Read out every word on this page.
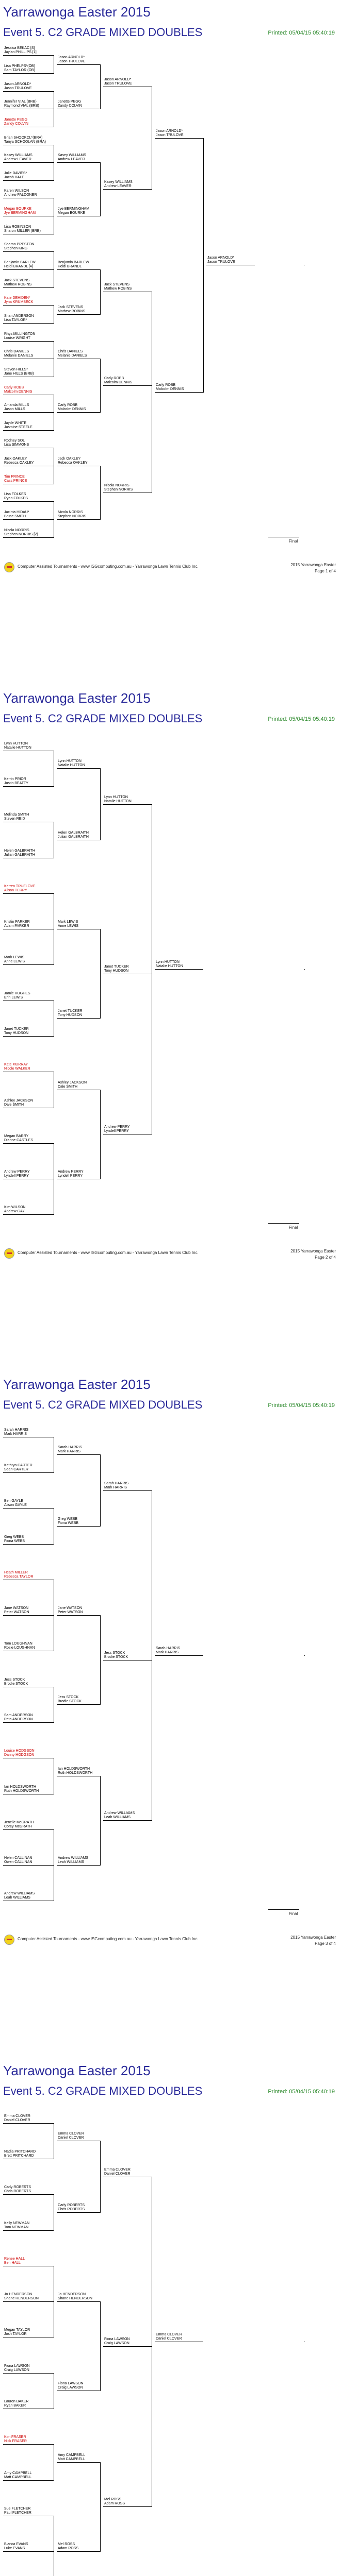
Yarrawonga Easter 2015
Event 5. C2 GRADE MIXED DOUBLES	Printed: 05/04/15 05:40:19
Jessica BEKAC [S]
Jaylan PHILLIPS [1]
Lisa PHELPS*(OB)
Sam TAYLOR (OB)
Jason ARNOLD*
Jason TRULOVE
Jennifer VIAL (BRB)
Raymond VIAL (BRB)
Janette PEGG
Zandy COLVIN
Brian SHOOKCL*(BRA)
Tanya SCHOOLAN (BRA)
Kasey WILLIAMS
Andrew LEAVER
Julie DAVIES*
Jacob HALE
Karen WILSON
Andrew FALCONER
Megan BOURKE
Jye BERMINGHAM
Lisa ROBINSON
Sharon MILLER (BRB)
Sharon PRESTON
Stephen KING
Benjamin BARLEW
Heidi BRANDL [4]
Jack STEVENS
Mathew ROBINS
Kate DEHIDEN*
Jyna KRUMBECK
Shari ANDERSON
Lisa TAYLOR*
Rhys MILLINGTON
Louise WRIGHT
Chris DANIELS
Melanie DANIELS
Steven HILLS*
Jane HILLS (BRB)
Carly ROBB
Malcolm DENNIS
Amanda MILLS
Jason MILLS
Jayde WHITE
Jasmine STEELE
Rodney SOL
Lisa SIMMONS
Jack OAKLEY
Rebecca OAKLEY
Tim PRINCE
Cass PRINCE
Lisa FOLKES
Ryan FOLKES
Jacinta HIDAU*
Bruce SMITH
Nicola NORRIS
Stephen NORRIS [2]
Jason ARNOLD*
Jason TRULOVE
Janette PEGG
Zandy COLVIN
Kasey WILLIAMS
Andrew LEAVER
Jye BERMINGHAM
Megan BOURKE
Benjamin BARLEW
Heidi BRANDL
Jack STEVENS
Mathew ROBINS
Chris DANIELS
Melanie DANIELS
Carly ROBB
Malcolm DENNIS
Jack OAKLEY
Rebecca OAKLEY
Nicola NORRIS
Stephen NORRIS
Jason ARNOLD*
Jason TRULOVE
Kasey WILLIAMS
Andrew LEAVER
Jack STEVENS
Mathew ROBINS
Carly ROBB
Malcolm DENNIS
Nicola NORRIS
Stephen NORRIS
Jason ARNOLD*
Jason TRULOVE
Carly ROBB
Malcolm DENNIS
Jason ARNOLD*
Jason TRULOVE
Final
Computer Assisted Tournaments - www.ISGcomputing.com.au - Yarrawonga Lawn Tennis Club Inc.	2015 Yarrawonga Easter
Page 1 of 4
Yarrawonga Easter 2015
Event 5. C2 GRADE MIXED DOUBLES	Printed: 05/04/15 05:40:19
Lynn HUTTON
Natalie HUTTON
Kerrin PRIOR
Justin BEATTY
Melinda SMITH
Steven REID
Helen GALBRAITH
Julian GALBRAITH
Kerren TRUELOVE
Alison TERRY
Kristin PARKER
Adam PARKER
Mark LEWIS
Anne LEWIS
Jamie HUGHES
Erin LEWIS
Janet TUCKER
Tony HUDSON
Kate MURRAY
Nicole WALKER
Ashley JACKSON
Dale SMITH
Megan BARRY
Dianne CASTLES
Andrew PERRY
Lyndell PERRY
Kim WILSON
Andrew GAY
Lynn HUTTON
Natalie HUTTON
Helen GALBRAITH
Julian GALBRAITH
Mark LEWIS
Anne LEWIS
Janet TUCKER
Tony HUDSON
Ashley JACKSON
Dale SMITH
Andrew PERRY
Lyndell PERRY
Lynn HUTTON
Natalie HUTTON
Janet TUCKER
Tony HUDSON
Andrew PERRY
Lyndell PERRY
Lynn HUTTON
Natalie HUTTON
Final
Computer Assisted Tournaments - www.ISGcomputing.com.au - Yarrawonga Lawn Tennis Club Inc.	2015 Yarrawonga Easter
Page 2 of 4
Yarrawonga Easter 2015
Event 5. C2 GRADE MIXED DOUBLES	Printed: 05/04/15 05:40:19
Sarah HARRIS
Mark HARRIS
Kathryn CARTER
Sean CARTER
Ben GAYLE
Alison GAYLE
Greg WEBB
Fiona WEBB
Heath MILLER
Rebecca TAYLOR
Jane WATSON
Peter WATSON
Tom LOUGHNAN
Rosie LOUGHNAN
Jess STOCK
Brodie STOCK
Sam ANDERSON
Peta ANDERSON
Louise HODGSON
Danny HODGSON
Ian HOLDSWORTH
Ruth HOLDSWORTH
Jenelle McGRATH
Corey McGRATH
Helen CALLINAN
Owen CALLINAN
Andrew WILLIAMS
Leah WILLIAMS
Sarah HARRIS
Mark HARRIS
Greg WEBB
Fiona WEBB
Jane WATSON
Peter WATSON
Jess STOCK
Brodie STOCK
Ian HOLDSWORTH
Ruth HOLDSWORTH
Andrew WILLIAMS
Leah WILLIAMS
Sarah HARRIS
Mark HARRIS
Jess STOCK
Brodie STOCK
Andrew WILLIAMS
Leah WILLIAMS
Sarah HARRIS
Mark HARRIS
Final
Computer Assisted Tournaments - www.ISGcomputing.com.au - Yarrawonga Lawn Tennis Club Inc.	2015 Yarrawonga Easter
Page 3 of 4
Yarrawonga Easter 2015
Event 5. C2 GRADE MIXED DOUBLES	Printed: 05/04/15 05:40:19
Emma CLOVER
Daniel CLOVER
Nadia PRITCHARD
Brett PRITCHARD
Carly ROBERTS
Chris ROBERTS
Kelly NEWMAN
Tom NEWMAN
Renee HALL
Ben HALL
Jo HENDERSON
Shane HENDERSON
Megan TAYLOR
Josh TAYLOR
Fiona LAWSON
Craig LAWSON
Lauren BAKER
Ryan BAKER
Kim FRASER
Nick FRASER
Amy CAMPBELL
Matt CAMPBELL
Sue FLETCHER
Paul FLETCHER
Bianca EVANS
Luke EVANS
Emma CLOVER
Daniel CLOVER
Carly ROBERTS
Chris ROBERTS
Jo HENDERSON
Shane HENDERSON
Fiona LAWSON
Craig LAWSON
Amy CAMPBELL
Matt CAMPBELL
Mel ROSS
Adam ROSS
Emma CLOVER
Daniel CLOVER
Fiona LAWSON
Craig LAWSON
Mel ROSS
Adam ROSS
Emma CLOVER
Daniel CLOVER
